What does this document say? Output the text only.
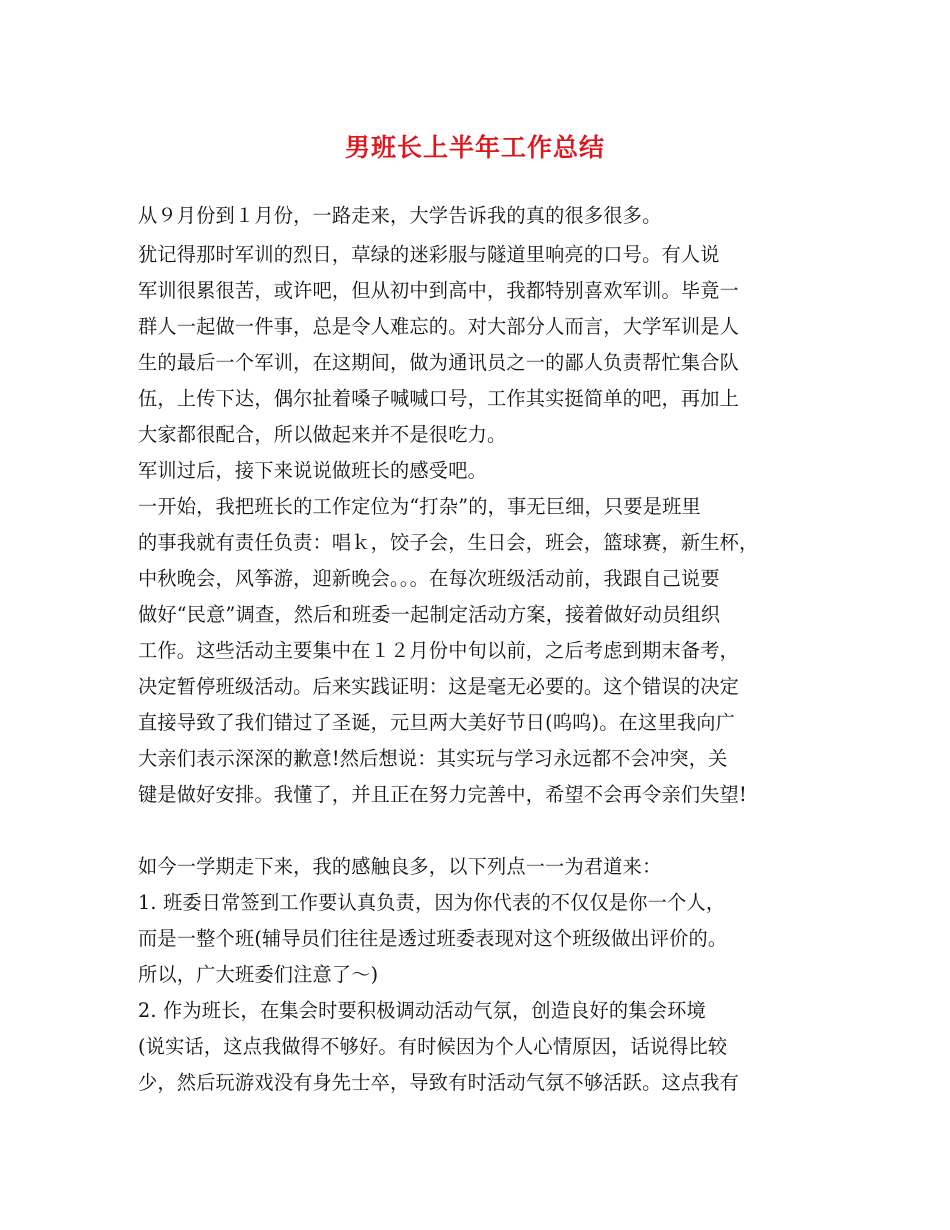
男班长上半年工作总结
从９月份到１月份，一路走来，大学告诉我的真的很多很多。
犹记得那时军训的烈日，草绿的迷彩服与隧道里响亮的口号。有人说
军训很累很苦，或许吧，但从初中到高中，我都特别喜欢军训。毕竟一
群人一起做一件事，总是令人难忘的。对大部分人而言，大学军训是人
生的最后一个军训，在这期间，做为通讯员之一的鄙人负责帮忙集合队
伍，上传下达，偶尔扯着嗓子喊喊口号，工作其实挺简单的吧，再加上
大家都很配合，所以做起来并不是很吃力。
军训过后，接下来说说做班长的感受吧。
一开始，我把班长的工作定位为“打杂”的，事无巨细，只要是班里
的事我就有责任负责：唱ｋ，饺子会，生日会，班会，篮球赛，新生杯，
中秋晚会，风筝游，迎新晚会。。。在每次班级活动前，我跟自己说要
做好“民意”调查，然后和班委一起制定活动方案，接着做好动员组织
工作。这些活动主要集中在１２月份中旬以前，之后考虑到期末备考，
决定暂停班级活动。后来实践证明：这是毫无必要的。这个错误的决定
直接导致了我们错过了圣诞，元旦两大美好节日(呜呜)。在这里我向广
大亲们表示深深的歉意!然后想说：其实玩与学习永远都不会冲突，关
键是做好安排。我懂了，并且正在努力完善中，希望不会再令亲们失望!
如今一学期走下来，我的感触良多，以下列点一一为君道来：
1. 班委日常签到工作要认真负责，因为你代表的不仅仅是你一个人，
而是一整个班(辅导员们往往是透过班委表现对这个班级做出评价的。
所以，广大班委们注意了～)
2. 作为班长，在集会时要积极调动活动气氛，创造良好的集会环境
(说实话，这点我做得不够好。有时候因为个人心情原因，话说得比较
少，然后玩游戏没有身先士卒，导致有时活动气氛不够活跃。这点我有
